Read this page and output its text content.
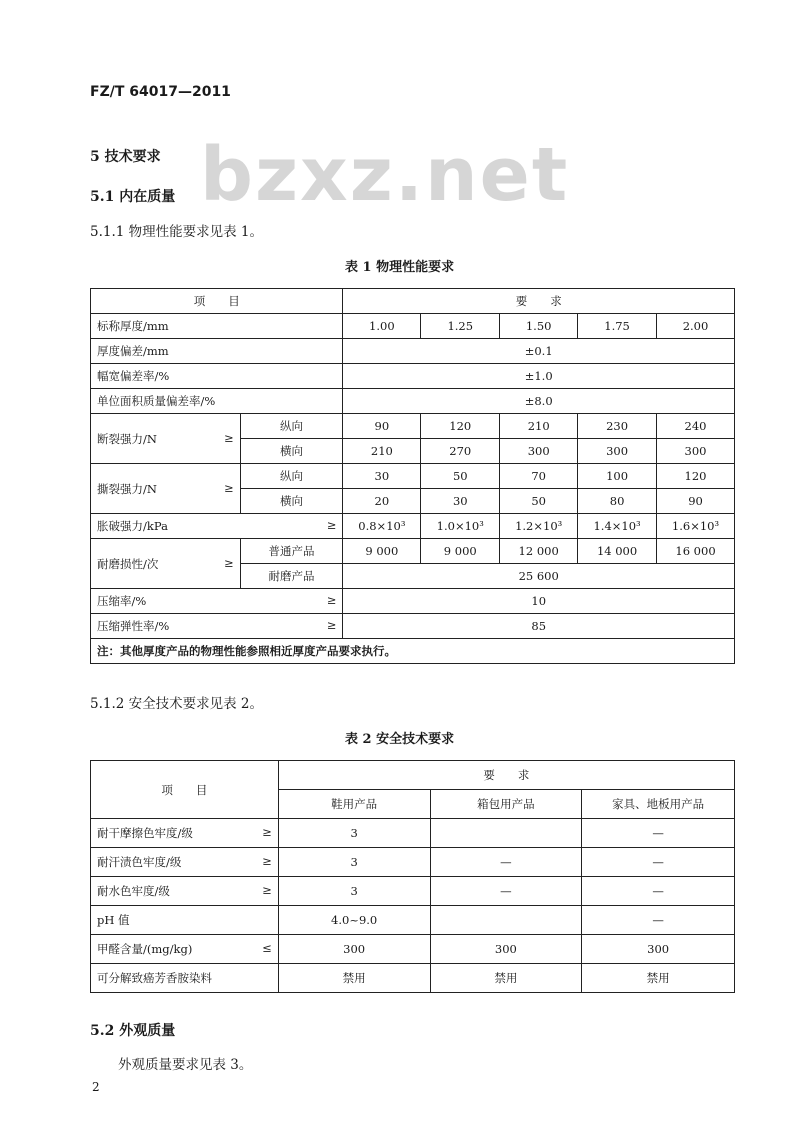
FZ/T 64017—2011
bzxz.net
5 技术要求
5.1 内在质量
5.1.1 物理性能要求见表 1。
表 1 物理性能要求
项　　目		要　　求				
标称厚度/mm		1.00	1.25	1.50	1.75	2.00
厚度偏差/mm		±0.1				
幅宽偏差率/%		±1.0				
单位面积质量偏差率/%		±8.0				
断裂强力/N ≥	纵向	90	120	210	230	240
	横向	210	270	300	300	300
撕裂强力/N ≥	纵向	30	50	70	100	120
	横向	20	30	50	80	90
胀破强力/kPa ≥		0.8×10³	1.0×10³	1.2×10³	1.4×10³	1.6×10³
耐磨损性/次 ≥	普通产品	9 000	9 000	12 000	14 000	16 000
	耐磨产品	25 600				
压缩率/% ≥		10				
压缩弹性率/% ≥		85				
注：其他厚度产品的物理性能参照相近厚度产品要求执行。						
5.1.2 安全技术要求见表 2。
表 2 安全技术要求
项　　目	要　　求		
	鞋用产品	箱包用产品	家具、地板用产品
耐干摩擦色牢度/级 ≥	3		—
耐汗渍色牢度/级 ≥	3	—	—
耐水色牢度/级 ≥	3	—	—
pH 值	4.0~9.0		—
甲醛含量/(mg/kg) ≤	300	300	300
可分解致癌芳香胺染料	禁用	禁用	禁用
5.2 外观质量
外观质量要求见表 3。
2
